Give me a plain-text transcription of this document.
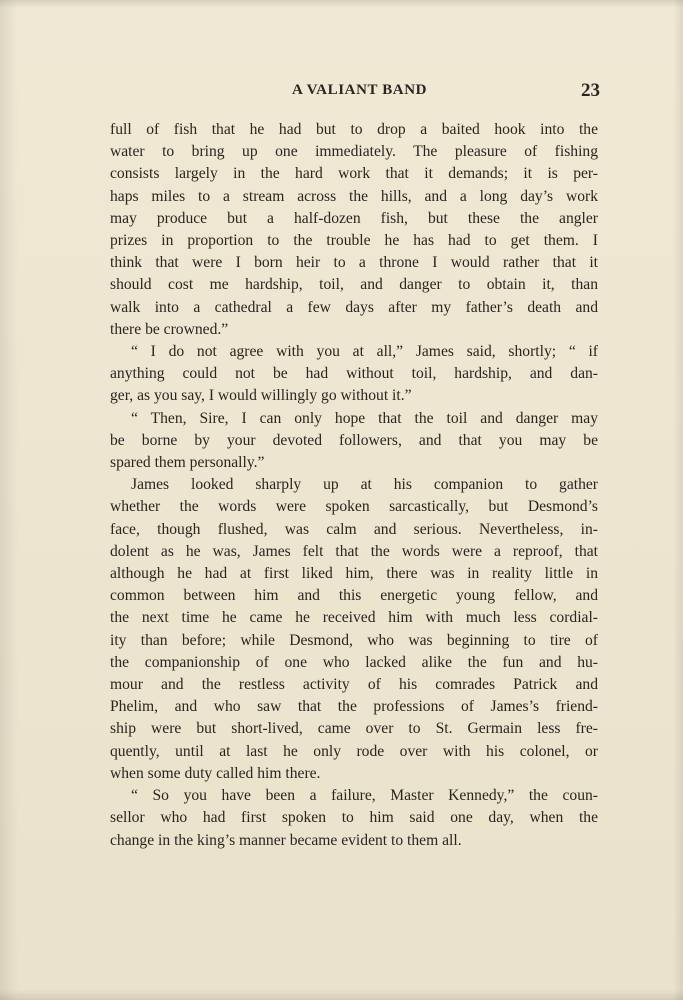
A VALIANT BAND	23
full of fish that he had but to drop a baited hook into the
water to bring up one immediately. The pleasure of fishing
consists largely in the hard work that it demands; it is per-
haps miles to a stream across the hills, and a long day’s work
may produce but a half-dozen fish, but these the angler
prizes in proportion to the trouble he has had to get them. I
think that were I born heir to a throne I would rather that it
should cost me hardship, toil, and danger to obtain it, than
walk into a cathedral a few days after my father’s death and
there be crowned.”
“ I do not agree with you at all,” James said, shortly; “ if
anything could not be had without toil, hardship, and dan-
ger, as you say, I would willingly go without it.”
“ Then, Sire, I can only hope that the toil and danger may
be borne by your devoted followers, and that you may be
spared them personally.”
James looked sharply up at his companion to gather
whether the words were spoken sarcastically, but Desmond’s
face, though flushed, was calm and serious. Nevertheless, in-
dolent as he was, James felt that the words were a reproof, that
although he had at first liked him, there was in reality little in
common between him and this energetic young fellow, and
the next time he came he received him with much less cordial-
ity than before; while Desmond, who was beginning to tire of
the companionship of one who lacked alike the fun and hu-
mour and the restless activity of his comrades Patrick and
Phelim, and who saw that the professions of James’s friend-
ship were but short-lived, came over to St. Germain less fre-
quently, until at last he only rode over with his colonel, or
when some duty called him there.
“ So you have been a failure, Master Kennedy,” the coun-
sellor who had first spoken to him said one day, when the
change in the king’s manner became evident to them all.
